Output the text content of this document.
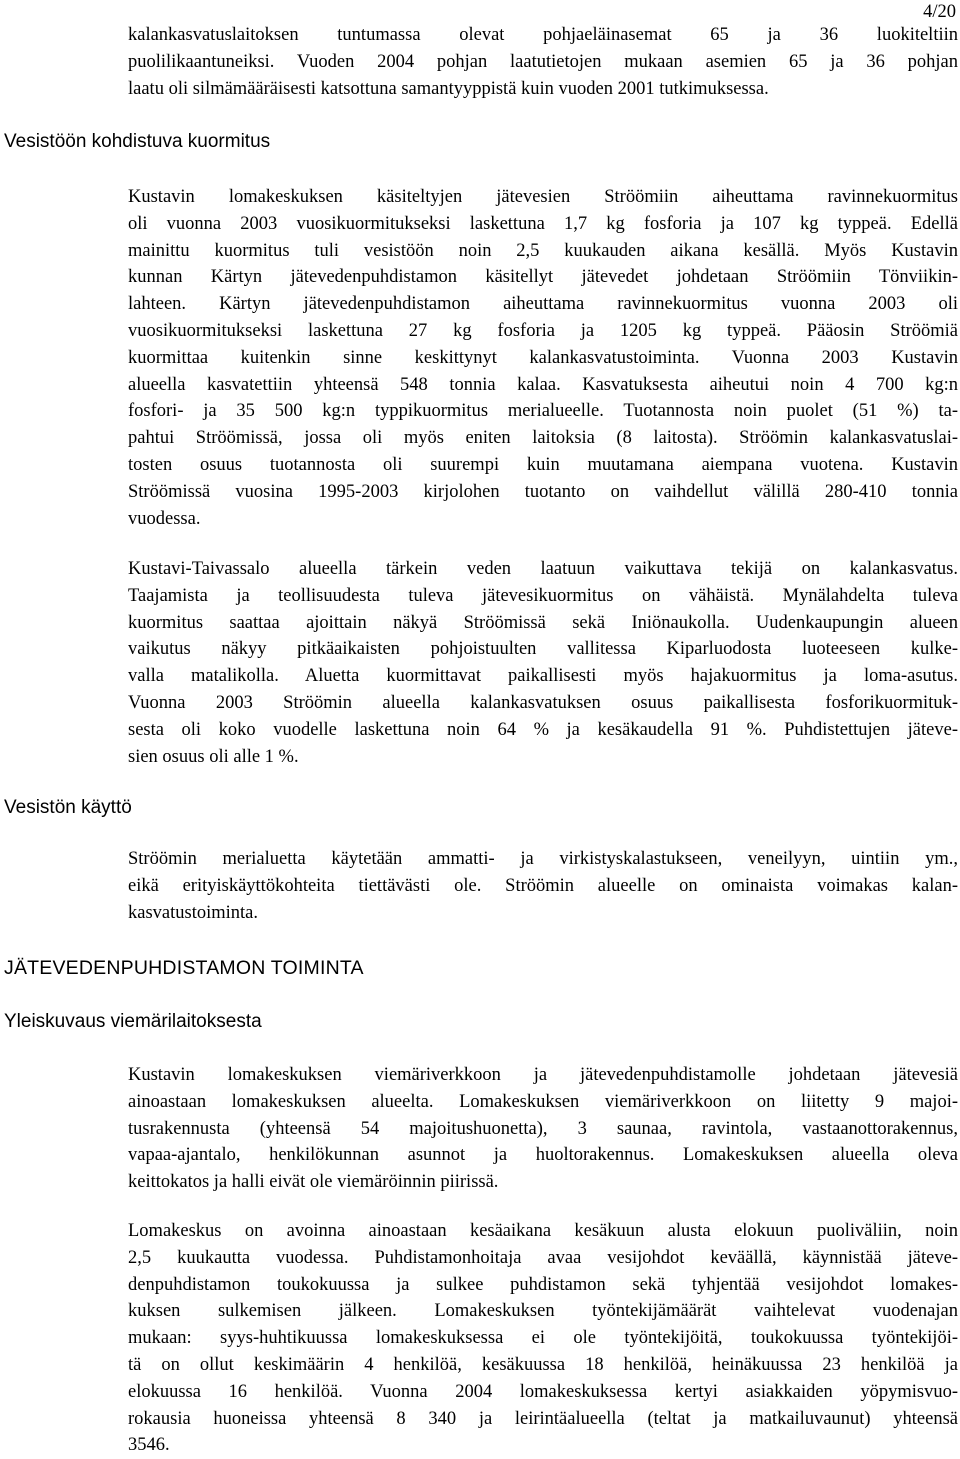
4/20
kalankasvatuslaitoksen tuntumassa olevat pohjaeläinasemat 65 ja 36 luokiteltiin
puolilikaantuneiksi. Vuoden 2004 pohjan laatutietojen mukaan asemien 65 ja 36 pohjan
laatu oli silmämääräisesti katsottuna samantyyppistä kuin vuoden 2001 tutkimuksessa.
Vesistöön kohdistuva kuormitus
Kustavin lomakeskuksen käsiteltyjen jätevesien Ströömiin aiheuttama ravinnekuormitus
oli vuonna 2003 vuosikuormitukseksi laskettuna 1,7 kg fosforia ja 107 kg typpeä. Edellä
mainittu kuormitus tuli vesistöön noin 2,5 kuukauden aikana kesällä. Myös Kustavin
kunnan Kärtyn jätevedenpuhdistamon käsitellyt jätevedet johdetaan Ströömiin Tönviikin-
lahteen. Kärtyn jätevedenpuhdistamon aiheuttama ravinnekuormitus vuonna 2003 oli
vuosikuormitukseksi laskettuna 27 kg fosforia ja 1205 kg typpeä. Pääosin Ströömiä
kuormittaa kuitenkin sinne keskittynyt kalankasvatustoiminta. Vuonna 2003 Kustavin
alueella kasvatettiin yhteensä 548 tonnia kalaa. Kasvatuksesta aiheutui noin 4 700 kg:n
fosfori- ja 35 500 kg:n typpikuormitus merialueelle. Tuotannosta noin puolet (51 %) ta-
pahtui Ströömissä, jossa oli myös eniten laitoksia (8 laitosta). Ströömin kalankasvatuslai-
tosten osuus tuotannosta oli suurempi kuin muutamana aiempana vuotena. Kustavin
Ströömissä vuosina 1995-2003 kirjolohen tuotanto on vaihdellut välillä 280-410 tonnia
vuodessa.
Kustavi-Taivassalo alueella tärkein veden laatuun vaikuttava tekijä on kalankasvatus.
Taajamista ja teollisuudesta tuleva jätevesikuormitus on vähäistä. Mynälahdelta tuleva
kuormitus saattaa ajoittain näkyä Ströömissä sekä Iniönaukolla. Uudenkaupungin alueen
vaikutus näkyy pitkäaikaisten pohjoistuulten vallitessa Kiparluodosta luoteeseen kulke-
valla matalikolla. Aluetta kuormittavat paikallisesti myös hajakuormitus ja loma-asutus.
Vuonna 2003 Ströömin alueella kalankasvatuksen osuus paikallisesta fosforikuormituk-
sesta oli koko vuodelle laskettuna noin 64 % ja kesäkaudella 91 %. Puhdistettujen jäteve-
sien osuus oli alle 1 %.
Vesistön käyttö
Ströömin merialuetta käytetään ammatti- ja virkistyskalastukseen, veneilyyn, uintiin ym.,
eikä erityiskäyttökohteita tiettävästi ole. Ströömin alueelle on ominaista voimakas kalan-
kasvatustoiminta.
JÄTEVEDENPUHDISTAMON TOIMINTA
Yleiskuvaus viemärilaitoksesta
Kustavin lomakeskuksen viemäriverkkoon ja jätevedenpuhdistamolle johdetaan jätevesiä
ainoastaan lomakeskuksen alueelta. Lomakeskuksen viemäriverkkoon on liitetty 9 majoi-
tusrakennusta (yhteensä 54 majoitushuonetta), 3 saunaa, ravintola, vastaanottorakennus,
vapaa-ajantalo, henkilökunnan asunnot ja huoltorakennus. Lomakeskuksen alueella oleva
keittokatos ja halli eivät ole viemäröinnin piirissä.
Lomakeskus on avoinna ainoastaan kesäaikana kesäkuun alusta elokuun puoliväliin, noin
2,5 kuukautta vuodessa. Puhdistamonhoitaja avaa vesijohdot keväällä, käynnistää jäteve-
denpuhdistamon toukokuussa ja sulkee puhdistamon sekä tyhjentää vesijohdot lomakes-
kuksen sulkemisen jälkeen. Lomakeskuksen työntekijämäärät vaihtelevat vuodenajan
mukaan: syys-huhtikuussa lomakeskuksessa ei ole työntekijöitä, toukokuussa työntekijöi-
tä on ollut keskimäärin 4 henkilöä, kesäkuussa 18 henkilöä, heinäkuussa 23 henkilöä ja
elokuussa 16 henkilöä. Vuonna 2004 lomakeskuksessa kertyi asiakkaiden yöpymisvuo-
rokausia huoneissa yhteensä 8 340 ja leirintäalueella (teltat ja matkailuvaunut) yhteensä
3546.
